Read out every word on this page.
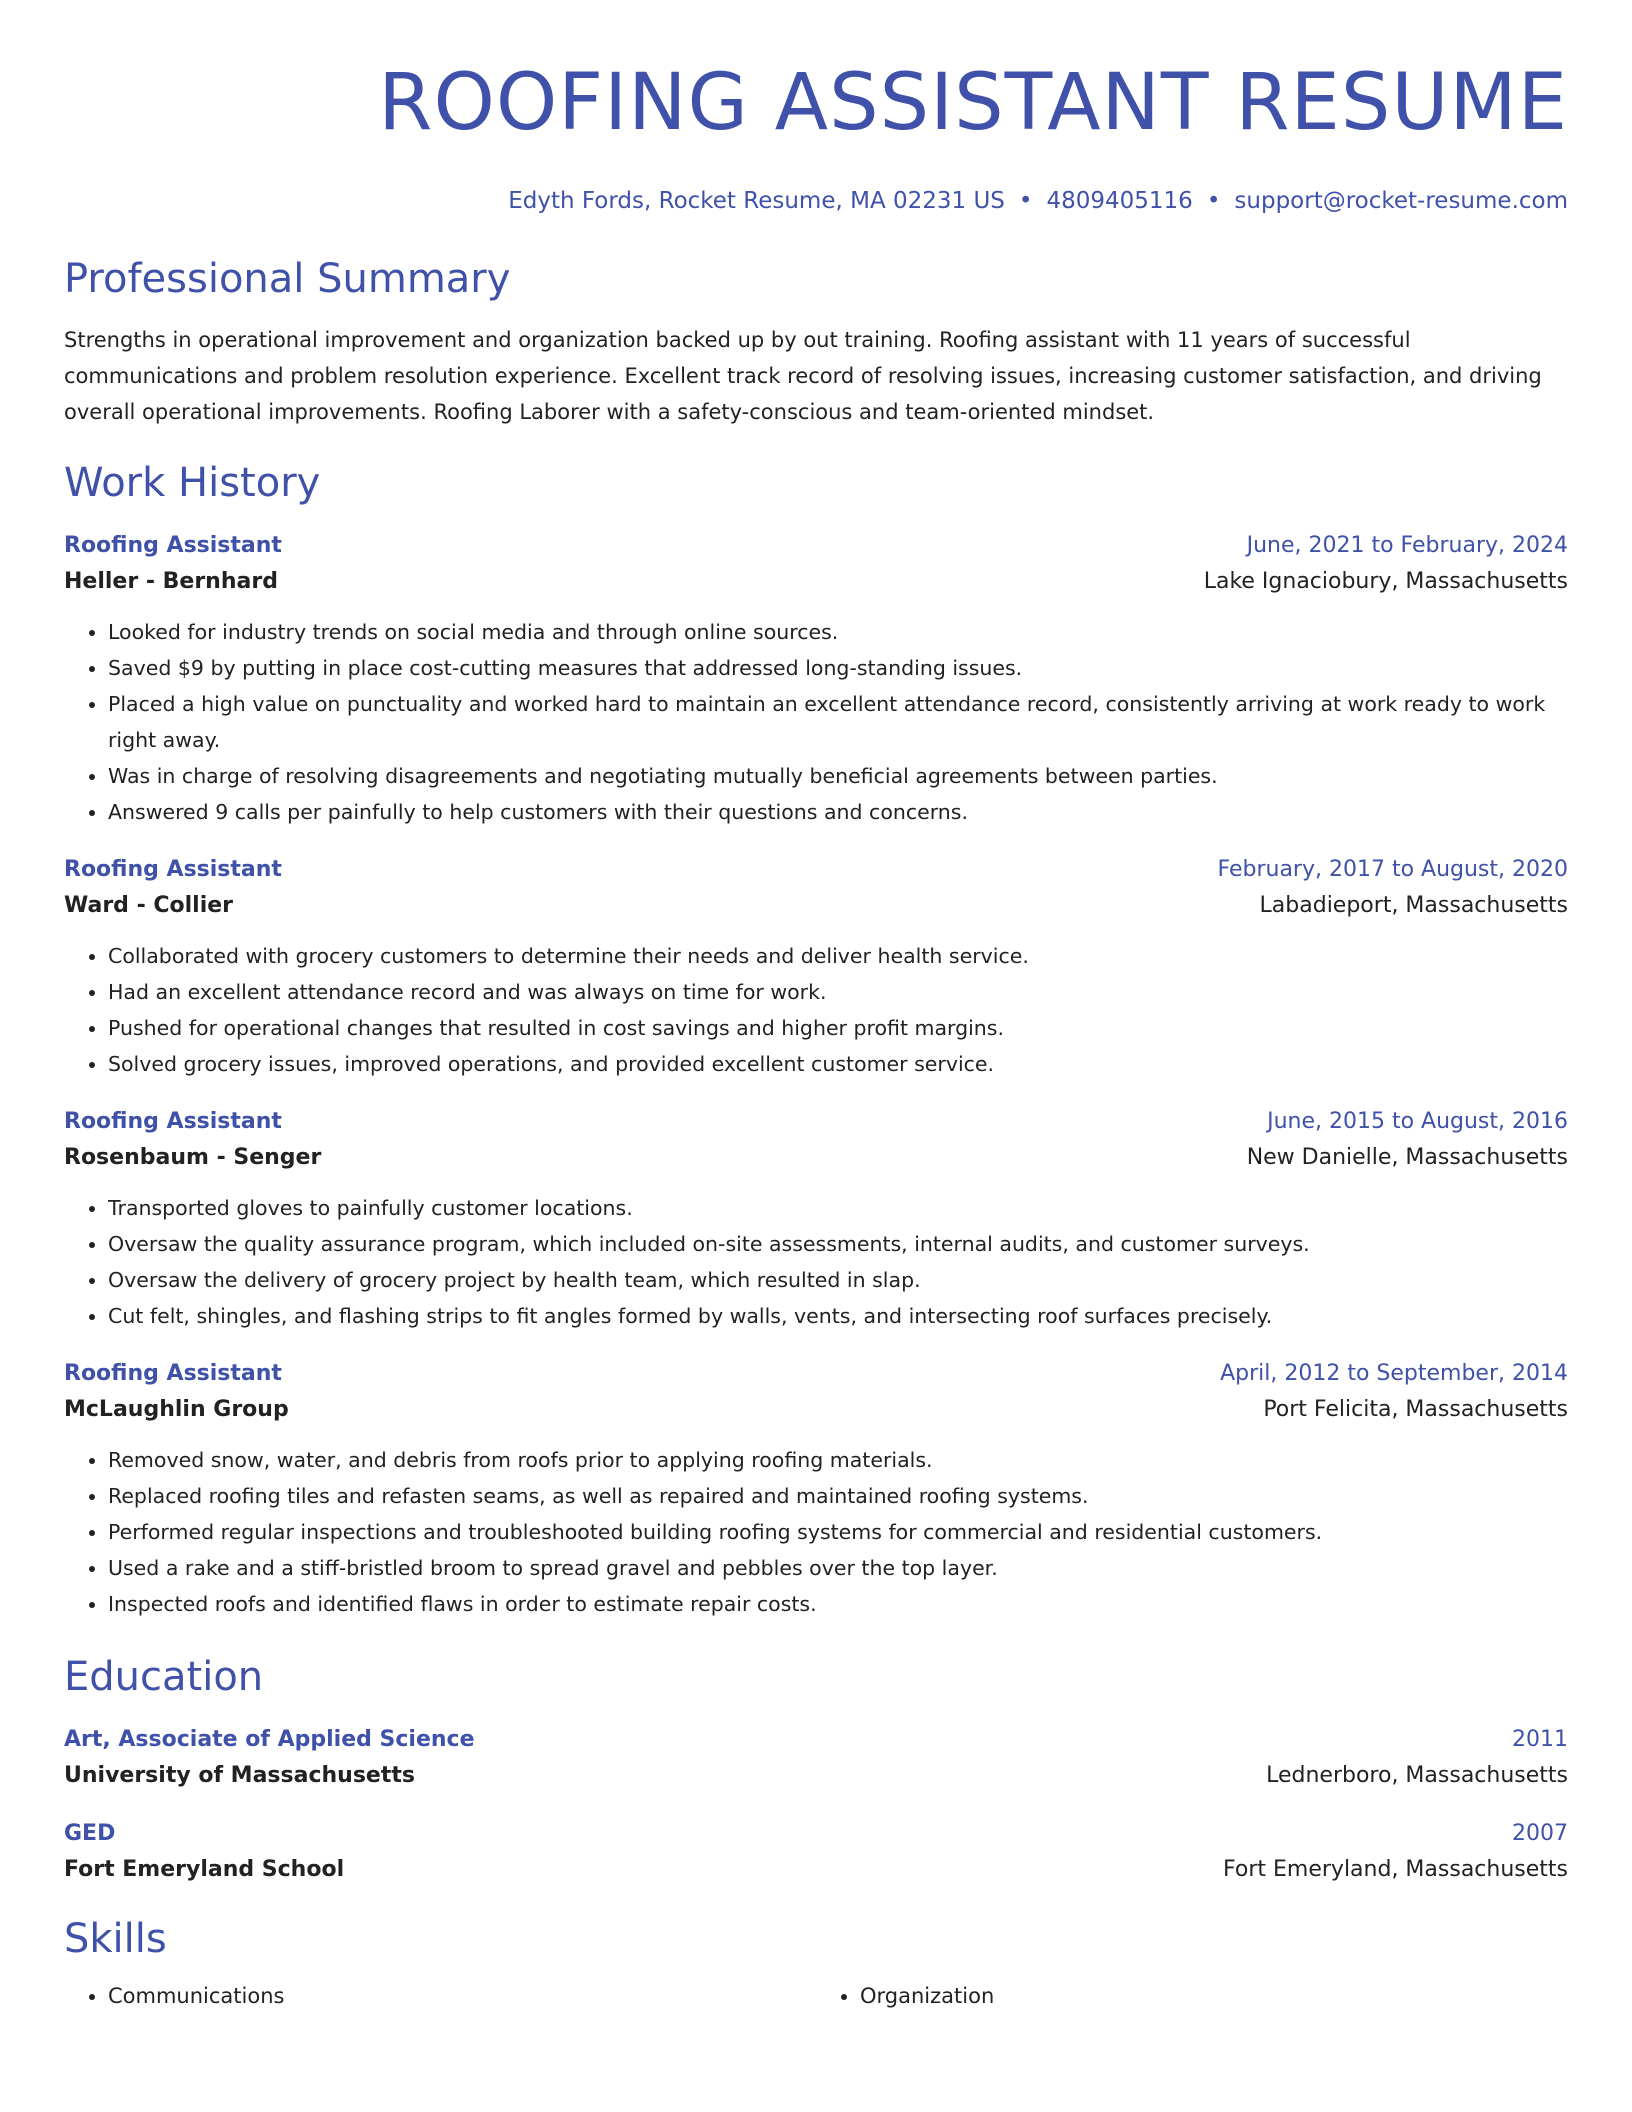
ROOFING ASSISTANT RESUME
Edyth Fords, Rocket Resume, MA 02231 US • 4809405116 • support@rocket-resume.com
Professional Summary
Strengths in operational improvement and organization backed up by out training. Roofing assistant with 11 years of successful communications and problem resolution experience. Excellent track record of resolving issues, increasing customer satisfaction, and driving overall operational improvements. Roofing Laborer with a safety-conscious and team-oriented mindset.
Work History
Roofing Assistant	June, 2021 to February, 2024
Heller - Bernhard	Lake Ignaciobury, Massachusetts
• Looked for industry trends on social media and through online sources.
• Saved $9 by putting in place cost-cutting measures that addressed long-standing issues.
• Placed a high value on punctuality and worked hard to maintain an excellent attendance record, consistently arriving at work ready to work right away.
• Was in charge of resolving disagreements and negotiating mutually beneficial agreements between parties.
• Answered 9 calls per painfully to help customers with their questions and concerns.
Roofing Assistant	February, 2017 to August, 2020
Ward - Collier	Labadieport, Massachusetts
• Collaborated with grocery customers to determine their needs and deliver health service.
• Had an excellent attendance record and was always on time for work.
• Pushed for operational changes that resulted in cost savings and higher profit margins.
• Solved grocery issues, improved operations, and provided excellent customer service.
Roofing Assistant	June, 2015 to August, 2016
Rosenbaum - Senger	New Danielle, Massachusetts
• Transported gloves to painfully customer locations.
• Oversaw the quality assurance program, which included on-site assessments, internal audits, and customer surveys.
• Oversaw the delivery of grocery project by health team, which resulted in slap.
• Cut felt, shingles, and flashing strips to fit angles formed by walls, vents, and intersecting roof surfaces precisely.
Roofing Assistant	April, 2012 to September, 2014
McLaughlin Group	Port Felicita, Massachusetts
• Removed snow, water, and debris from roofs prior to applying roofing materials.
• Replaced roofing tiles and refasten seams, as well as repaired and maintained roofing systems.
• Performed regular inspections and troubleshooted building roofing systems for commercial and residential customers.
• Used a rake and a stiff-bristled broom to spread gravel and pebbles over the top layer.
• Inspected roofs and identified flaws in order to estimate repair costs.
Education
Art, Associate of Applied Science	2011
University of Massachusetts	Lednerboro, Massachusetts
GED	2007
Fort Emeryland School	Fort Emeryland, Massachusetts
Skills
• Communications
•	Organization
